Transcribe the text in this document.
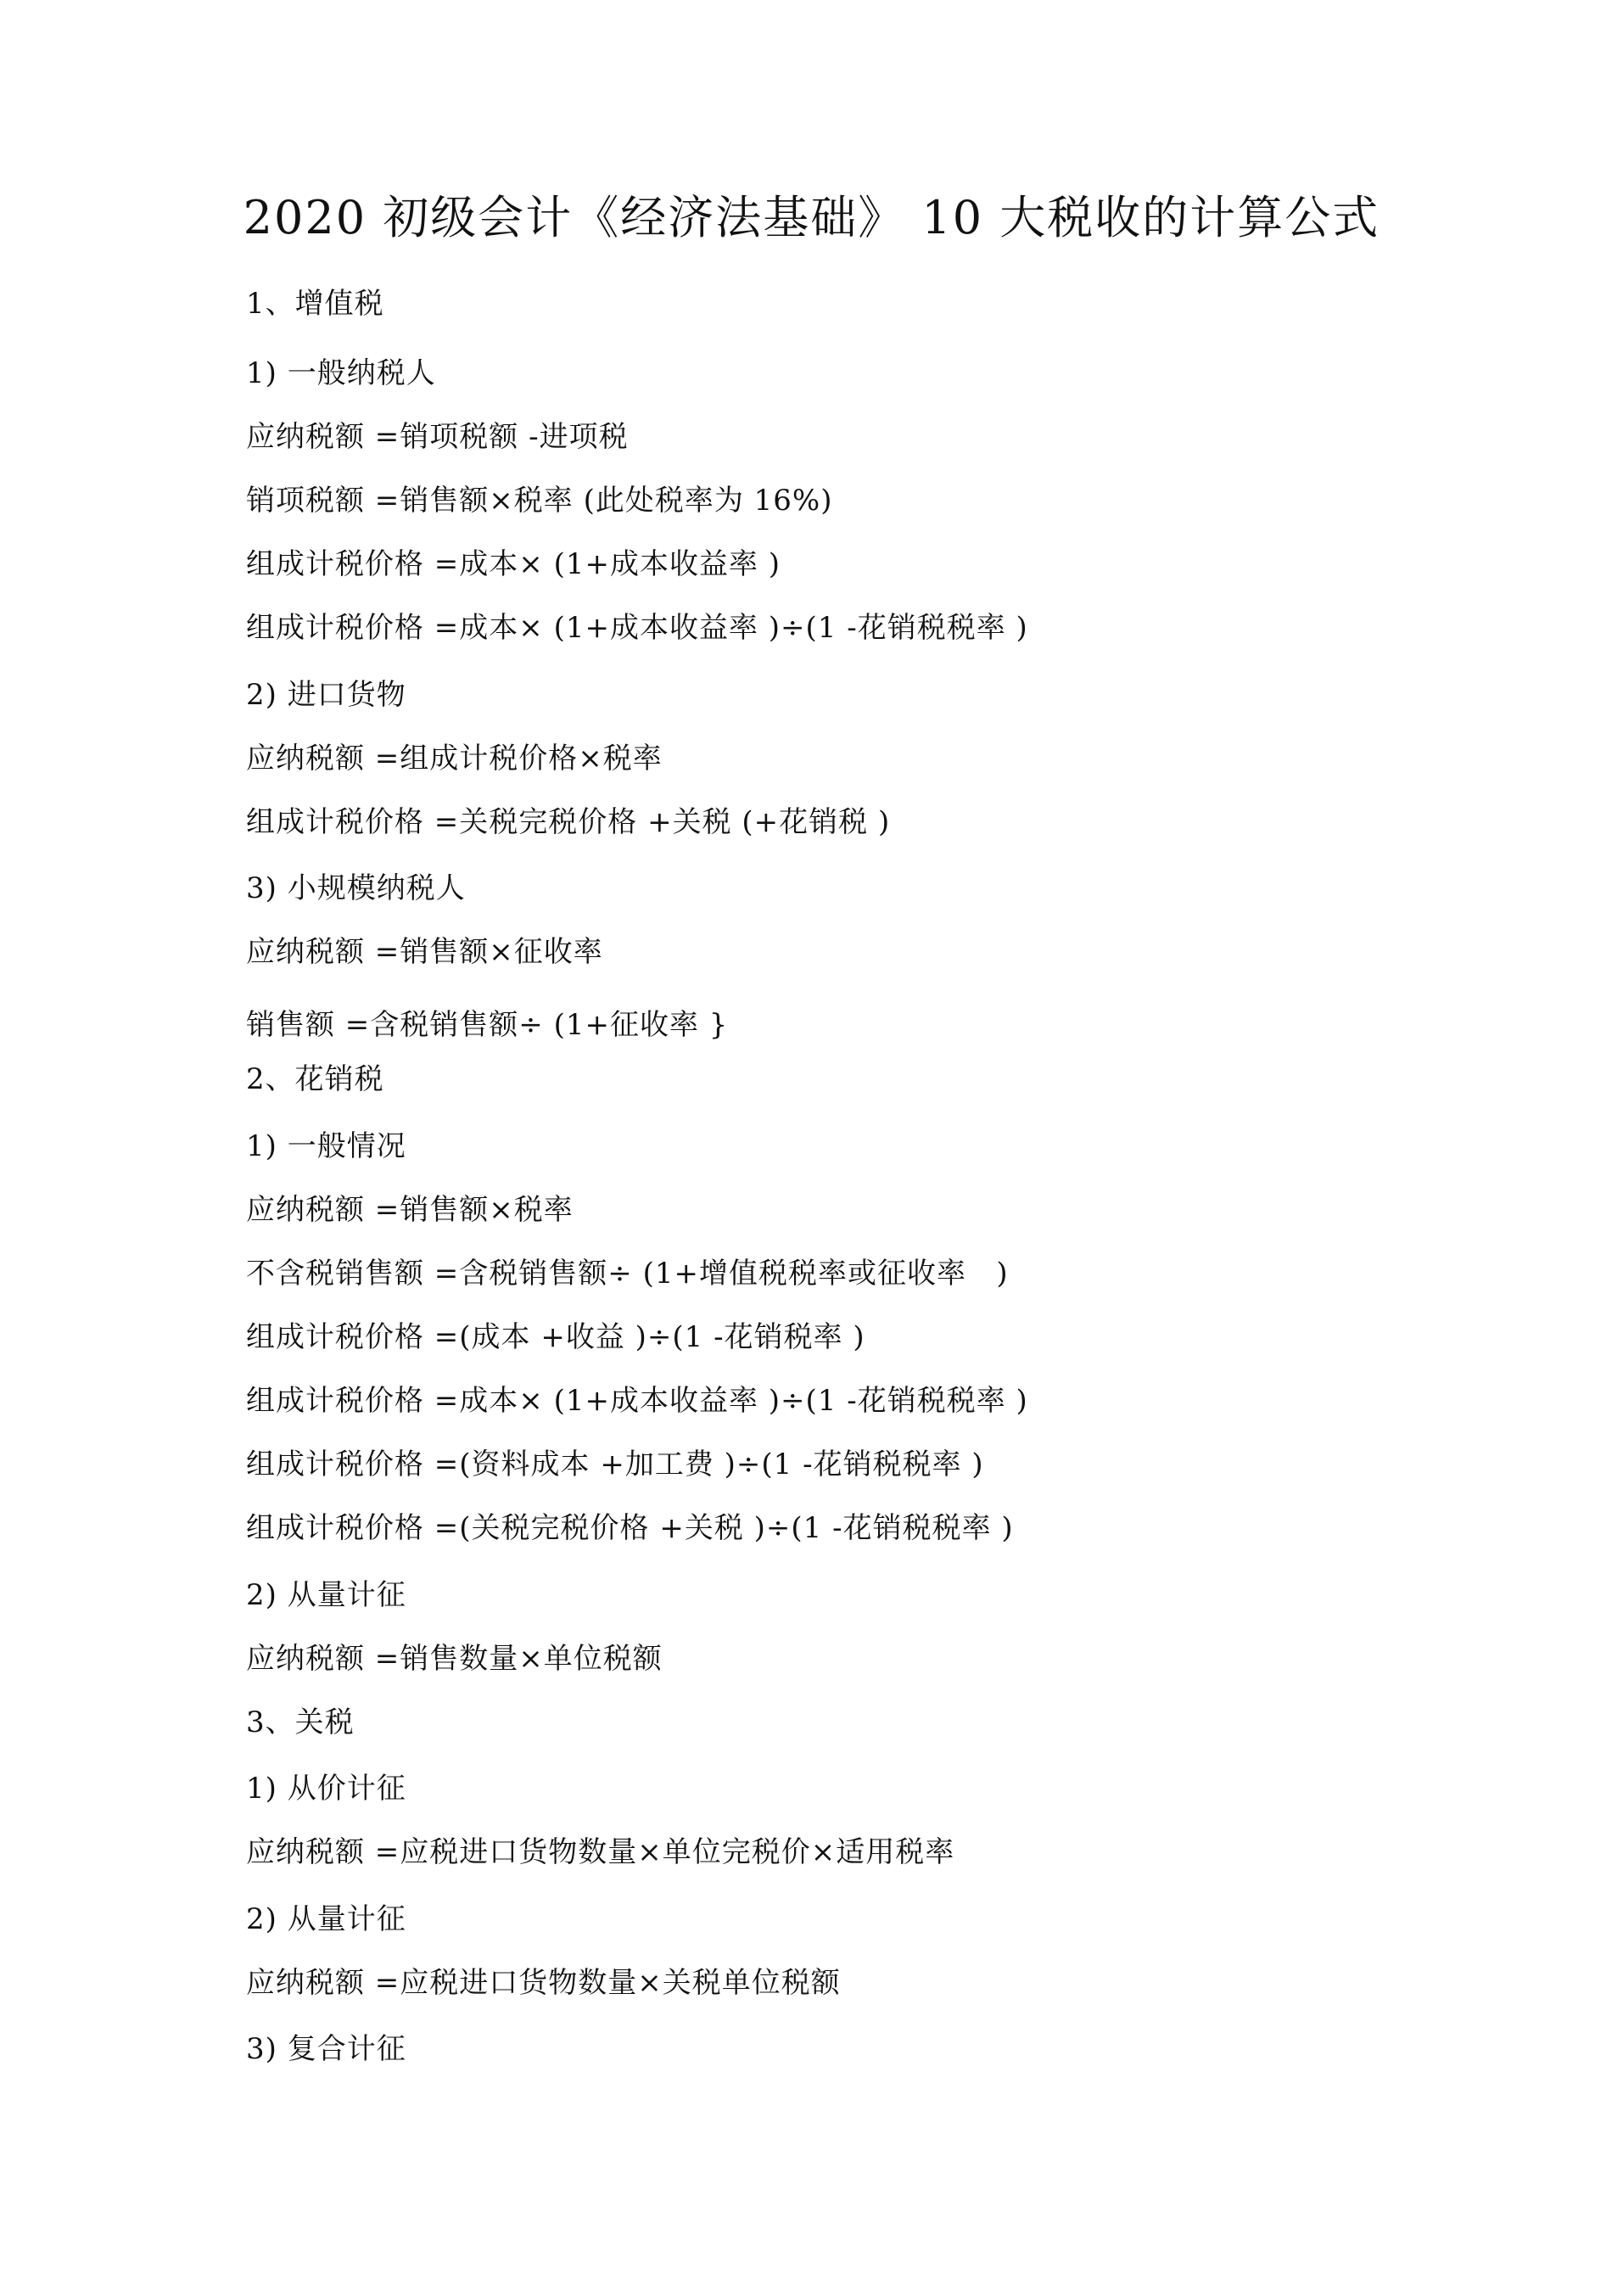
2020 初级会计《经济法基础》 10 大税收的计算公式
1、增值税
1) 一般纳税人
应纳税额 =销项税额 -进项税
销项税额 =销售额×税率 (此处税率为 16%)
组成计税价格 =成本× (1+成本收益率 )
组成计税价格 =成本× (1+成本收益率 )÷(1 -花销税税率 )
2) 进口货物
应纳税额 =组成计税价格×税率
组成计税价格 =关税完税价格 +关税 (+花销税 )
3) 小规模纳税人
应纳税额 =销售额×征收率
销售额 =含税销售额÷ (1+征收率 }
2、花销税
1) 一般情况
应纳税额 =销售额×税率
不含税销售额 =含税销售额÷ (1+增值税税率或征收率   )
组成计税价格 =(成本 +收益 )÷(1 -花销税率 )
组成计税价格 =成本× (1+成本收益率 )÷(1 -花销税税率 )
组成计税价格 =(资料成本 +加工费 )÷(1 -花销税税率 )
组成计税价格 =(关税完税价格 +关税 )÷(1 -花销税税率 )
2) 从量计征
应纳税额 =销售数量×单位税额
3、关税
1) 从价计征
应纳税额 =应税进口货物数量×单位完税价×适用税率
2) 从量计征
应纳税额 =应税进口货物数量×关税单位税额
3) 复合计征
